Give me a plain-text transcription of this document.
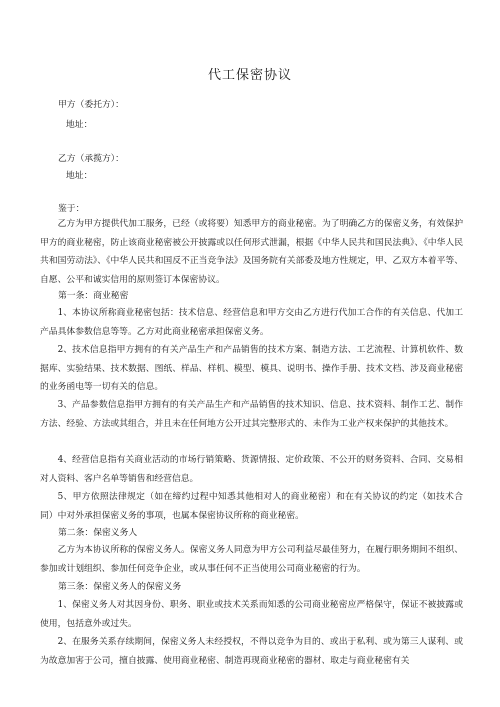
代工保密协议
甲方（委托方）：
地址：
乙方（承揽方）：
地址：
鉴于：
乙方为甲方提供代加工服务，已经（或将要）知悉甲方的商业秘密。为了明确乙方的保密义务，有效保护甲方的商业秘密，防止该商业秘密被公开披露或以任何形式泄漏，根据《中华人民共和国民法典》、《中华人民共和国劳动法》、《中华人民共和国反不正当竞争法》及国务院有关部委及地方性规定，甲、乙双方本着平等、自愿、公平和诚实信用的原则签订本保密协议。
第一条：商业秘密
1、本协议所称商业秘密包括：技术信息、经营信息和甲方交由乙方进行代加工合作的有关信息、代加工产品具体参数信息等等。乙方对此商业秘密承担保密义务。
2、技术信息指甲方拥有的有关产品生产和产品销售的技术方案、制造方法、工艺流程、计算机软件、数据库、实验结果、技术数据、图纸、样品、样机、模型、模具、说明书、操作手册、技术文档、涉及商业秘密的业务函电等一切有关的信息。
3、产品参数信息指甲方拥有的有关产品生产和产品销售的技术知识、信息、技术资料、制作工艺、制作方法、经验、方法或其组合，并且未在任何地方公开过其完整形式的、未作为工业产权来保护的其他技术。
4、经营信息指有关商业活动的市场行销策略、货源情报、定价政策、不公开的财务资料、合同、交易相对人资料、客户名单等销售和经营信息。
5、甲方依照法律规定（如在缔约过程中知悉其他相对人的商业秘密）和在有关协议的约定（如技术合同）中对外承担保密义务的事项，也属本保密协议所称的商业秘密。
第二条：保密义务人
乙方为本协议所称的保密义务人。保密义务人同意为甲方公司利益尽最佳努力，在履行职务期间不组织、参加或计划组织、参加任何竞争企业，或从事任何不正当使用公司商业秘密的行为。
第三条：保密义务人的保密义务
1、保密义务人对其因身份、职务、职业或技术关系而知悉的公司商业秘密应严格保守，保证不被披露或使用，包括意外或过失。
2、在服务关系存续期间，保密义务人未经授权，不得以竞争为目的、或出于私利、或为第三人谋利、或为故意加害于公司，擅自披露、使用商业秘密、制造再现商业秘密的器材、取走与商业秘密有关
